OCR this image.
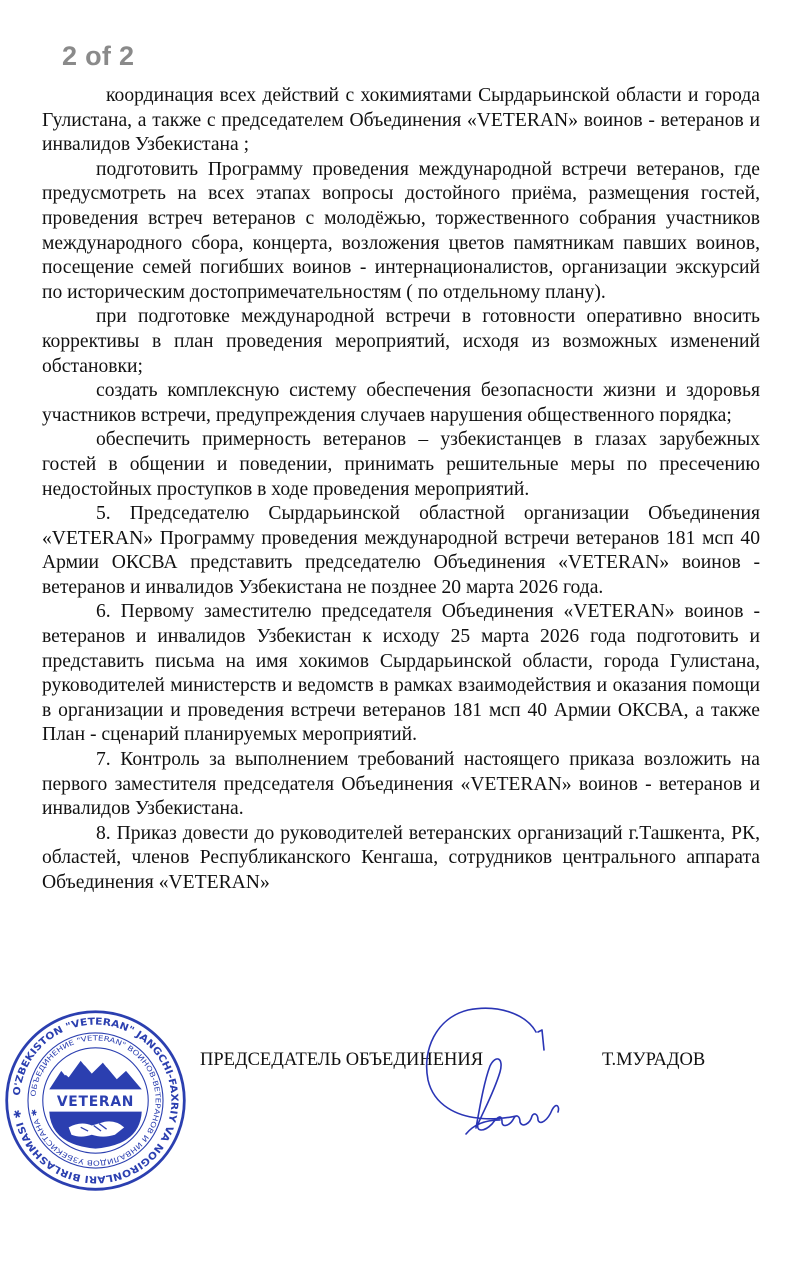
2 of 2

координация всех действий с хокимиятами Сырдарьинской области и города Гулистана, а также с председателем Объединения «VETERAN» воинов - ветеранов и инвалидов Узбекистана ;

подготовить Программу проведения международной встречи ветеранов, где предусмотреть на всех этапах вопросы достойного приёма, размещения гостей, проведения встреч ветеранов с молодёжью, торжественного собрания участников международного сбора, концерта, возложения цветов памятникам павших воинов, посещение семей погибших воинов - интернационалистов, организации экскурсий по историческим достопримечательностям ( по отдельному плану).

при подготовке международной встречи в готовности оперативно вносить коррективы в план проведения мероприятий, исходя из возможных изменений обстановки;

создать комплексную систему обеспечения безопасности жизни и здоровья участников встречи, предупреждения случаев нарушения общественного порядка;

обеспечить примерность ветеранов – узбекистанцев в глазах зарубежных гостей в общении и поведении, принимать решительные меры по пресечению недостойных проступков в ходе проведения мероприятий.

5. Председателю Сырдарьинской областной организации Объединения «VETERAN» Программу проведения международной встречи ветеранов 181 мсп 40 Армии ОКСВА представить председателю Объединения «VETERAN» воинов - ветеранов и инвалидов Узбекистана не позднее 20 марта 2026 года.

6. Первому заместителю председателя Объединения «VETERAN» воинов - ветеранов и инвалидов Узбекистан к исходу 25 марта 2026 года подготовить и представить письма на имя хокимов Сырдарьинской области, города Гулистана, руководителей министерств и ведомств в рамках взаимодействия и оказания помощи в организации и проведения встречи ветеранов 181 мсп 40 Армии ОКСВА, а также План - сценарий планируемых мероприятий.

7. Контроль за выполнением требований настоящего приказа возложить на первого заместителя председателя Объединения «VETERAN» воинов - ветеранов и инвалидов Узбекистана.

8. Приказ довести до руководителей ветеранских организаций г.Ташкента, РК, областей, членов Республиканского Кенгаша, сотрудников центрального аппарата Объединения «VETERAN»

ПРЕДСЕДАТЕЛЬ ОБЪЕДИНЕНИЯ	Т.МУРАДОВ
O'ZBEKISTON "VETERAN" JANGCHI-FAXRIY VA NOGIRONLARI BIRLASHMASI ✱
ОБЪЕДИНЕНИЕ "VETERAN" ВОИНОВ-ВЕТЕРАНОВ И ИНВАЛИДОВ УЗБЕКИСТАНА ✱
VETERAN
